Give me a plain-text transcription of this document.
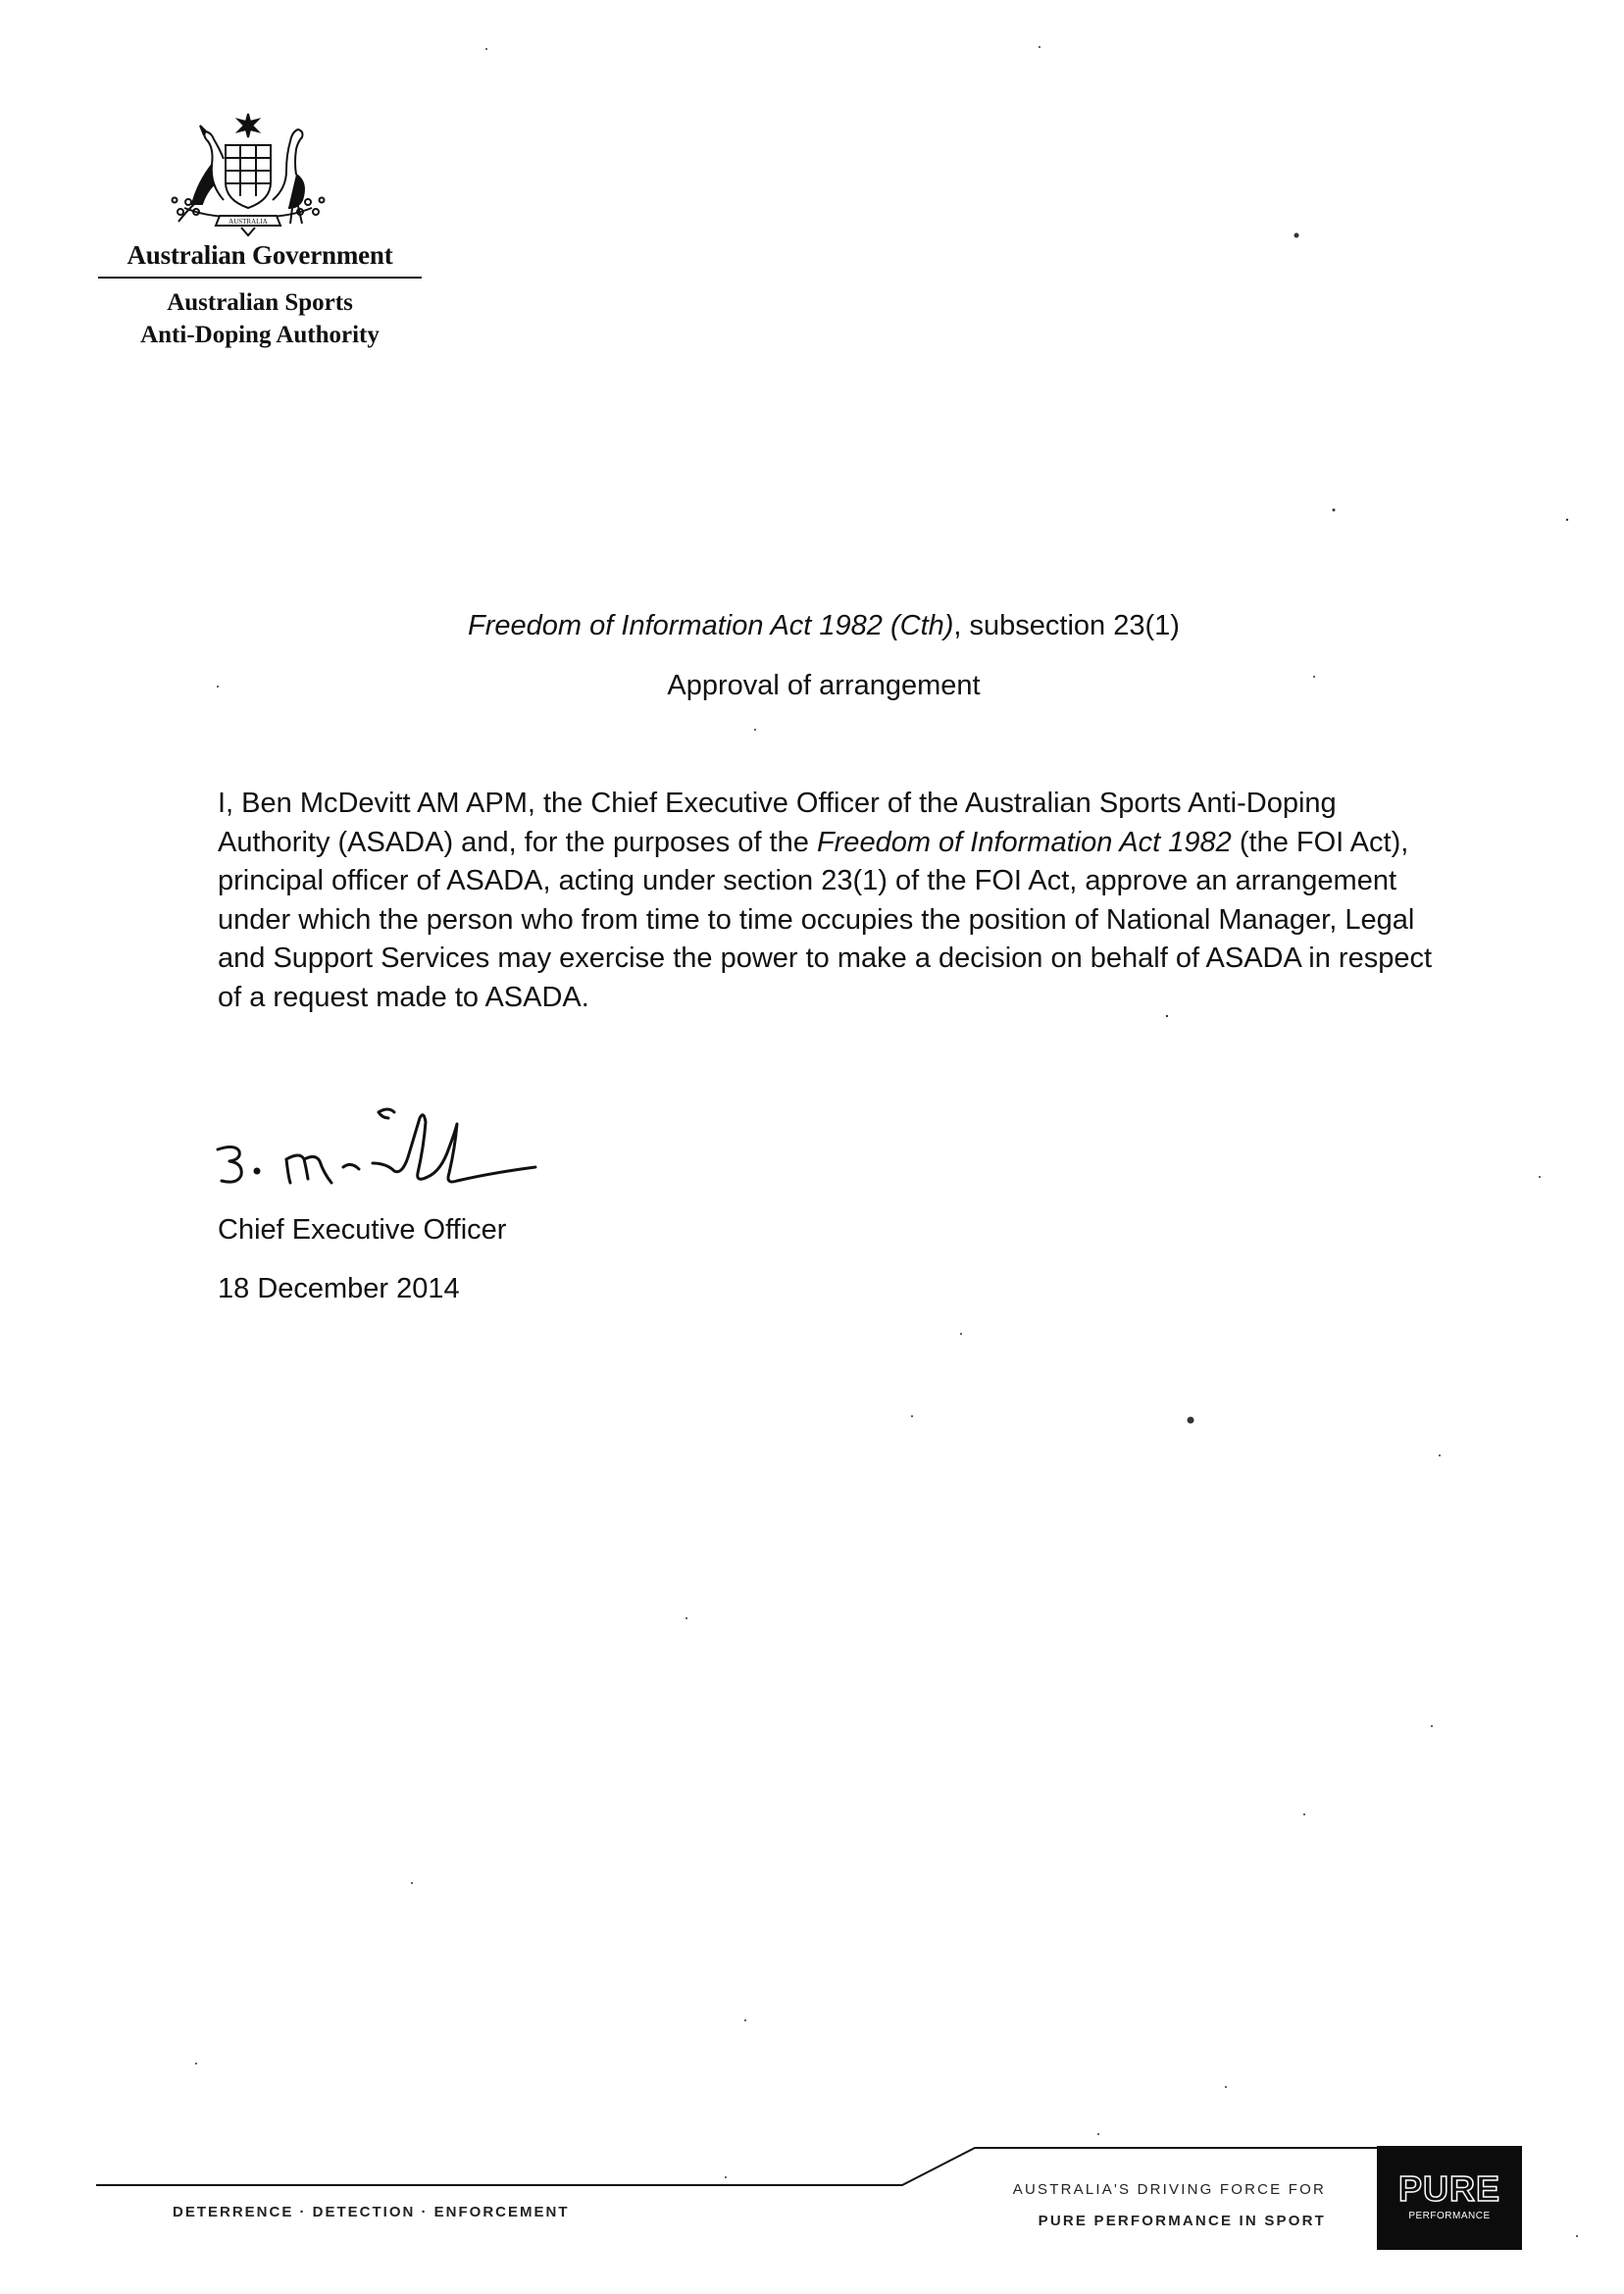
AUSTRALIA
Australian Government
Australian Sports
Anti-Doping Authority
Freedom of Information Act 1982 (Cth), subsection 23(1)
Approval of arrangement

I, Ben McDevitt AM APM, the Chief Executive Officer of the Australian Sports Anti-Doping Authority (ASADA) and, for the purposes of the Freedom of Information Act 1982 (the FOI Act), principal officer of ASADA, acting under section 23(1) of the FOI Act, approve an arrangement under which the person who from time to time occupies the position of National Manager, Legal and Support Services may exercise the power to make a decision on behalf of ASADA in respect of a request made to ASADA.

Chief Executive Officer
18 December 2014
DETERRENCE · DETECTION · ENFORCEMENT
AUSTRALIA'S DRIVING FORCE FOR
PURE PERFORMANCE IN SPORT
PURE
PERFORMANCE
